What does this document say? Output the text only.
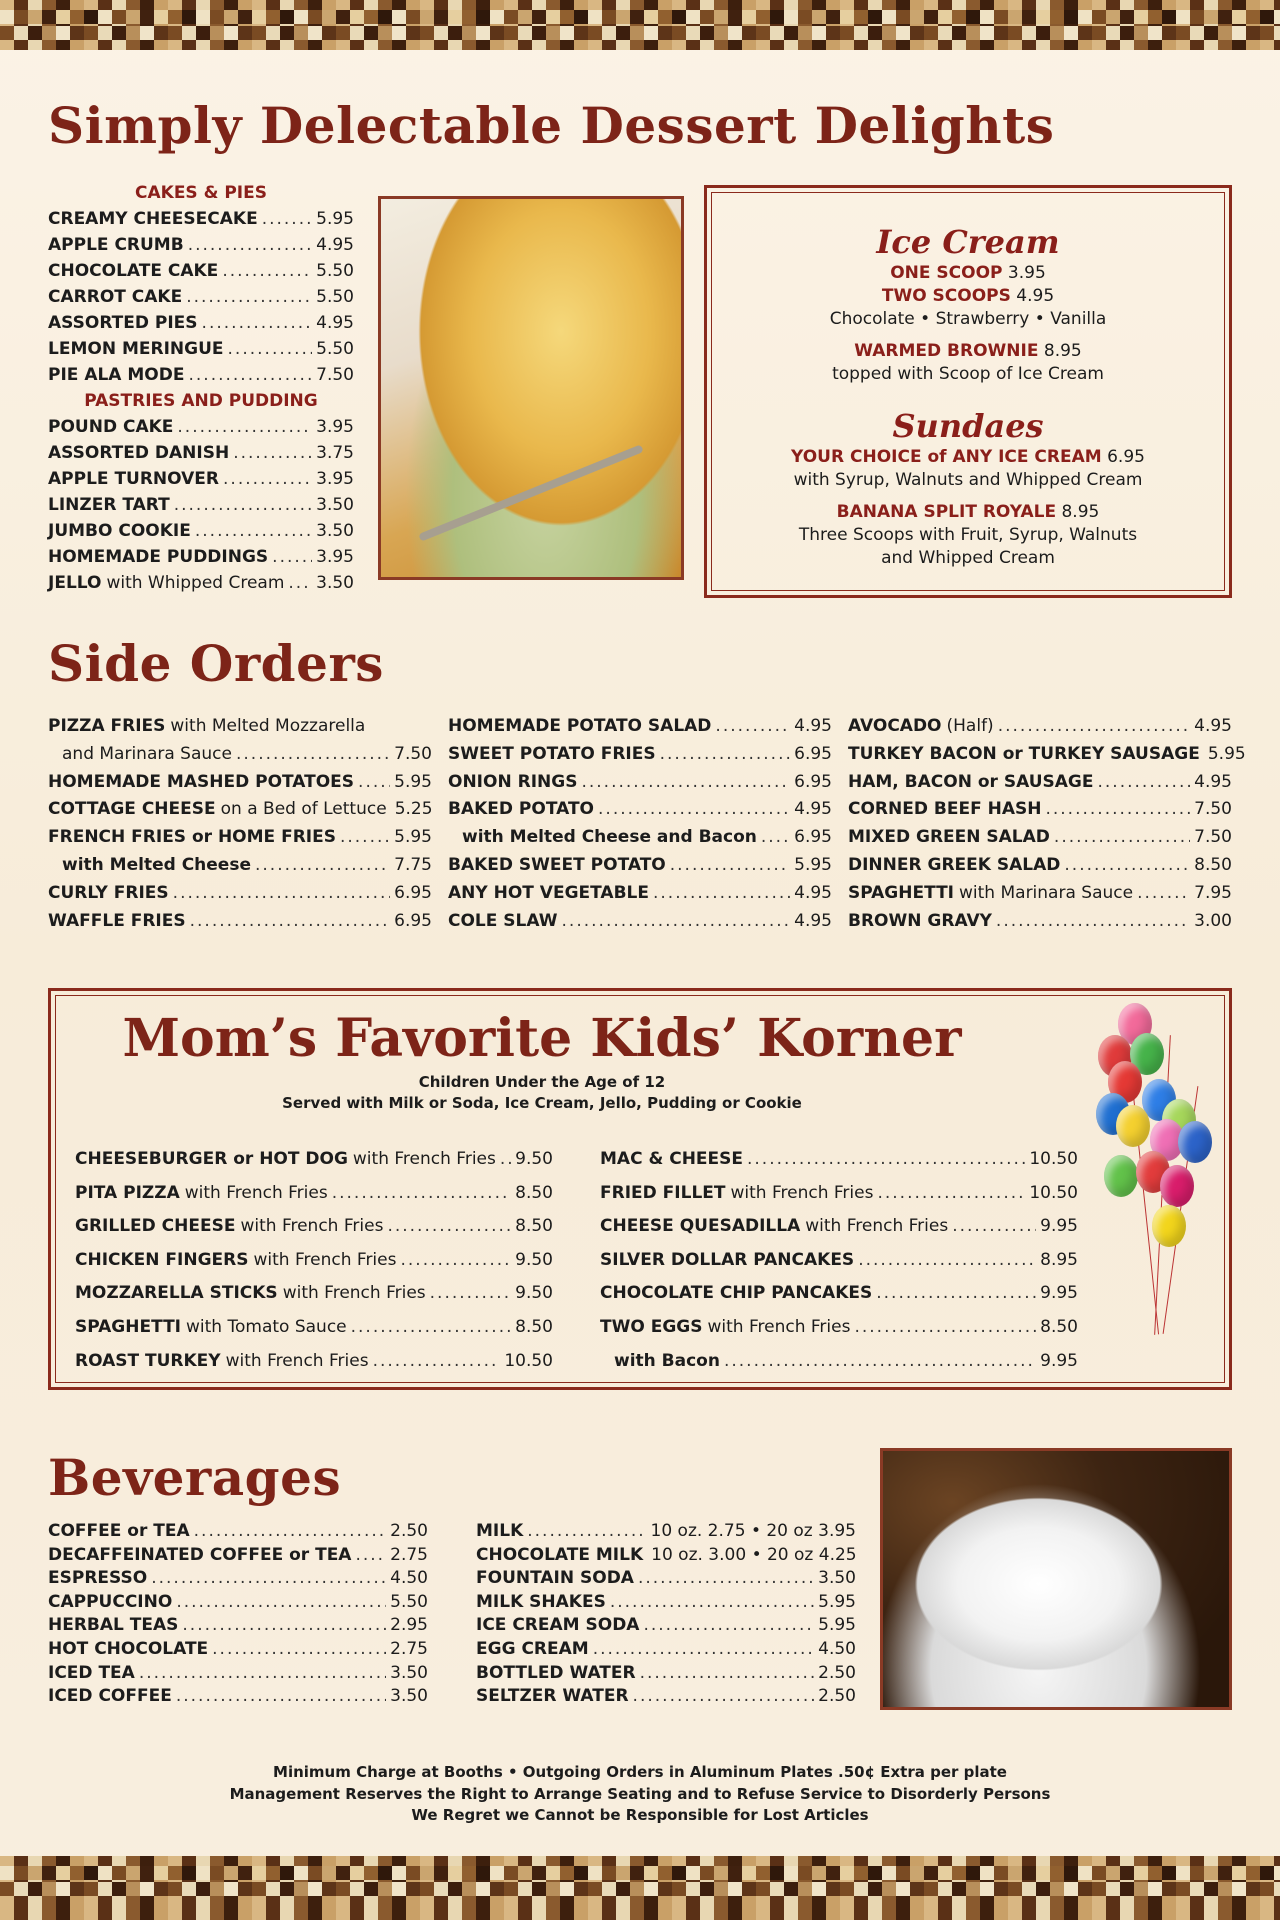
Simply Delectable Dessert Delights
CAKES & PIES
CREAMY CHEESECAKE .....	5.95
APPLE CRUMB .....	4.95
CHOCOLATE CAKE .....	5.50
CARROT CAKE .....	5.50
ASSORTED PIES .....	4.95
LEMON MERINGUE .....	5.50
PIE ALA MODE .....	7.50
PASTRIES AND PUDDING
POUND CAKE .....	3.95
ASSORTED DANISH .....	3.75
APPLE TURNOVER .....	3.95
LINZER TART .....	3.50
JUMBO COOKIE .....	3.50
HOMEMADE PUDDINGS .....	3.95
JELLO with Whipped Cream ..... 3.50
Ice Cream
ONE SCOOP 3.95
TWO SCOOPS 4.95
Chocolate • Strawberry • Vanilla
WARMED BROWNIE 8.95
topped with Scoop of Ice Cream
Sundaes
YOUR CHOICE of ANY ICE CREAM 6.95
with Syrup, Walnuts and Whipped Cream
BANANA SPLIT ROYALE 8.95
Three Scoops with Fruit, Syrup, Walnuts
and Whipped Cream
Side Orders
PIZZA FRIES with Melted Mozzarella
and Marinara Sauce .....	7.50
HOMEMADE MASHED POTATOES ..... 5.95
COTTAGE CHEESE on a Bed of Lettuce 5.25
FRENCH FRIES or HOME FRIES .....	5.95
with Melted Cheese .....	7.75
CURLY FRIES .....	6.95
WAFFLE FRIES .....	6.95
HOMEMADE POTATO SALAD .....	4.95
SWEET POTATO FRIES .....	6.95
ONION RINGS .....	6.95
BAKED POTATO .....	4.95
with Melted Cheese and Bacon ..... 6.95
BAKED SWEET POTATO .....	5.95
ANY HOT VEGETABLE .....	4.95
COLE SLAW .....	4.95
AVOCADO (Half) .....	4.95
TURKEY BACON or TURKEY SAUSAGE 5.95
HAM, BACON or SAUSAGE .....	4.95
CORNED BEEF HASH .....	7.50
MIXED GREEN SALAD .....	7.50
DINNER GREEK SALAD .....	8.50
SPAGHETTI with Marinara Sauce .....	7.95
BROWN GRAVY .....	3.00
Mom’s Favorite Kids’ Korner
Children Under the Age of 12
Served with Milk or Soda, Ice Cream, Jello, Pudding or Cookie
CHEESEBURGER or HOT DOG with French Fries ..... 9.50
PITA PIZZA with French Fries .....	8.50
GRILLED CHEESE with French Fries .....	8.50
CHICKEN FINGERS with French Fries .....	9.50
MOZZARELLA STICKS with French Fries .....	9.50
SPAGHETTI with Tomato Sauce .....	8.50
ROAST TURKEY with French Fries .....	10.50
MAC & CHEESE .....	10.50
FRIED FILLET with French Fries .....	10.50
CHEESE QUESADILLA with French Fries .....	9.95
SILVER DOLLAR PANCAKES .....	8.95
CHOCOLATE CHIP PANCAKES .....	9.95
TWO EGGS with French Fries .....	8.50
with Bacon .....	9.95
Beverages
COFFEE or TEA .....	2.50
DECAFFEINATED COFFEE or TEA ..... 2.75
ESPRESSO .....	4.50
CAPPUCCINO .....	5.50
HERBAL TEAS .....	2.95
HOT CHOCOLATE .....	2.75
ICED TEA .....	3.50
ICED COFFEE .....	3.50
MILK .....	10 oz. 2.75 • 20 oz 3.95
CHOCOLATE MILK 10 oz. 3.00 • 20 oz 4.25
FOUNTAIN SODA .....	3.50
MILK SHAKES .....	5.95
ICE CREAM SODA .....	5.95
EGG CREAM .....	4.50
BOTTLED WATER .....	2.50
SELTZER WATER .....	2.50
Minimum Charge at Booths • Outgoing Orders in Aluminum Plates .50¢ Extra per plate
Management Reserves the Right to Arrange Seating and to Refuse Service to Disorderly Persons
We Regret we Cannot be Responsible for Lost Articles
